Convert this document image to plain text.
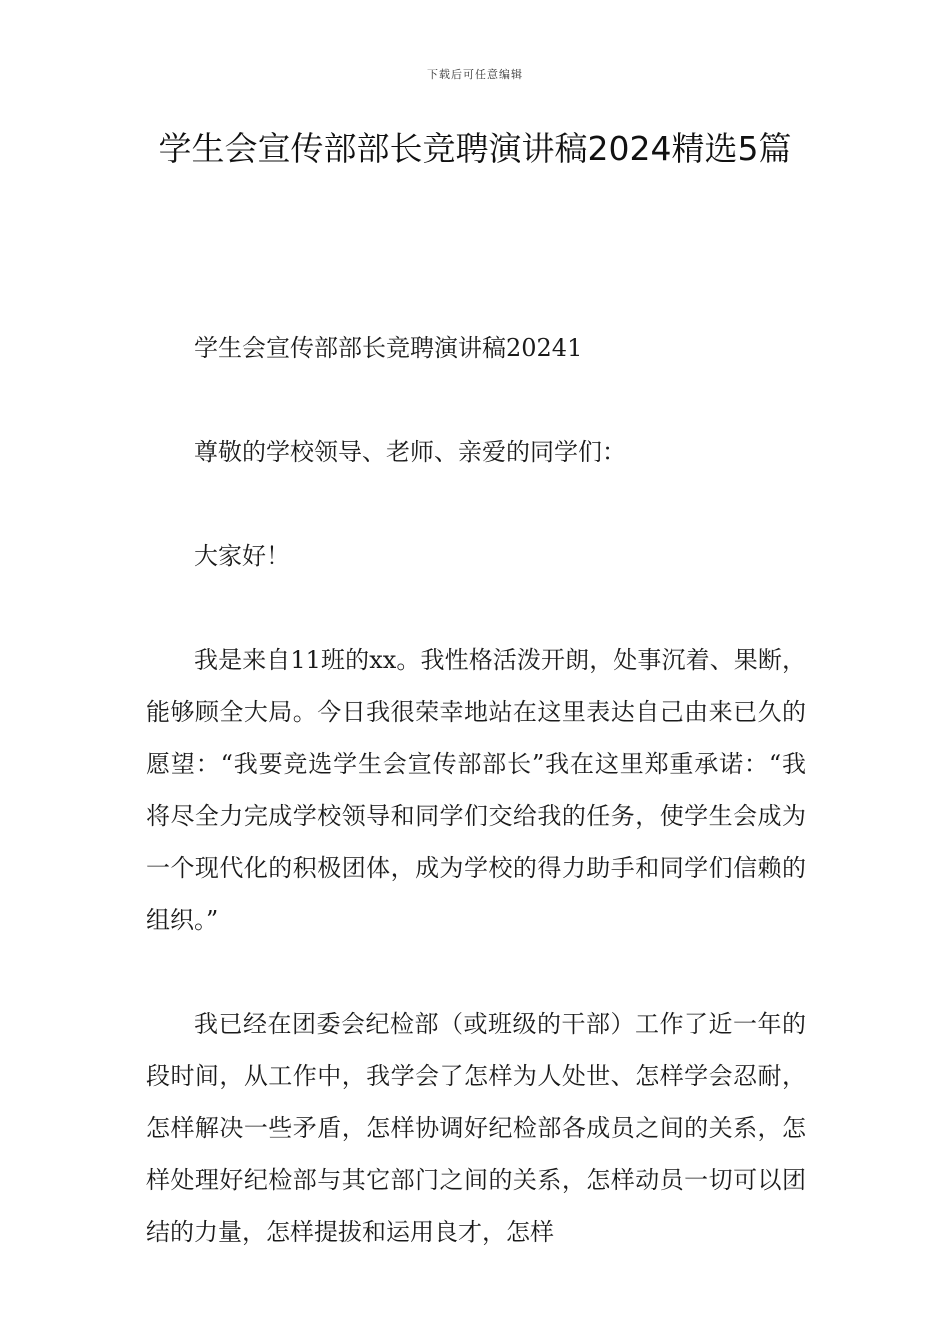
下载后可任意编辑
学生会宣传部部长竞聘演讲稿2024精选5篇

学生会宣传部部长竞聘演讲稿20241

尊敬的学校领导、老师、亲爱的同学们：

大家好！

我是来自11班的xx。我性格活泼开朗，处事沉着、果断，能够顾全大局。今日我很荣幸地站在这里表达自己由来已久的愿望：“我要竞选学生会宣传部部长”我在这里郑重承诺：“我将尽全力完成学校领导和同学们交给我的任务，使学生会成为一个现代化的积极团体，成为学校的得力助手和同学们信赖的组织。”

我已经在团委会纪检部（或班级的干部）工作了近一年的段时间，从工作中，我学会了怎样为人处世、怎样学会忍耐，怎样解决一些矛盾，怎样协调好纪检部各成员之间的关系，怎样处理好纪检部与其它部门之间的关系，怎样动员一切可以团结的力量，怎样提拔和运用良才，怎样
